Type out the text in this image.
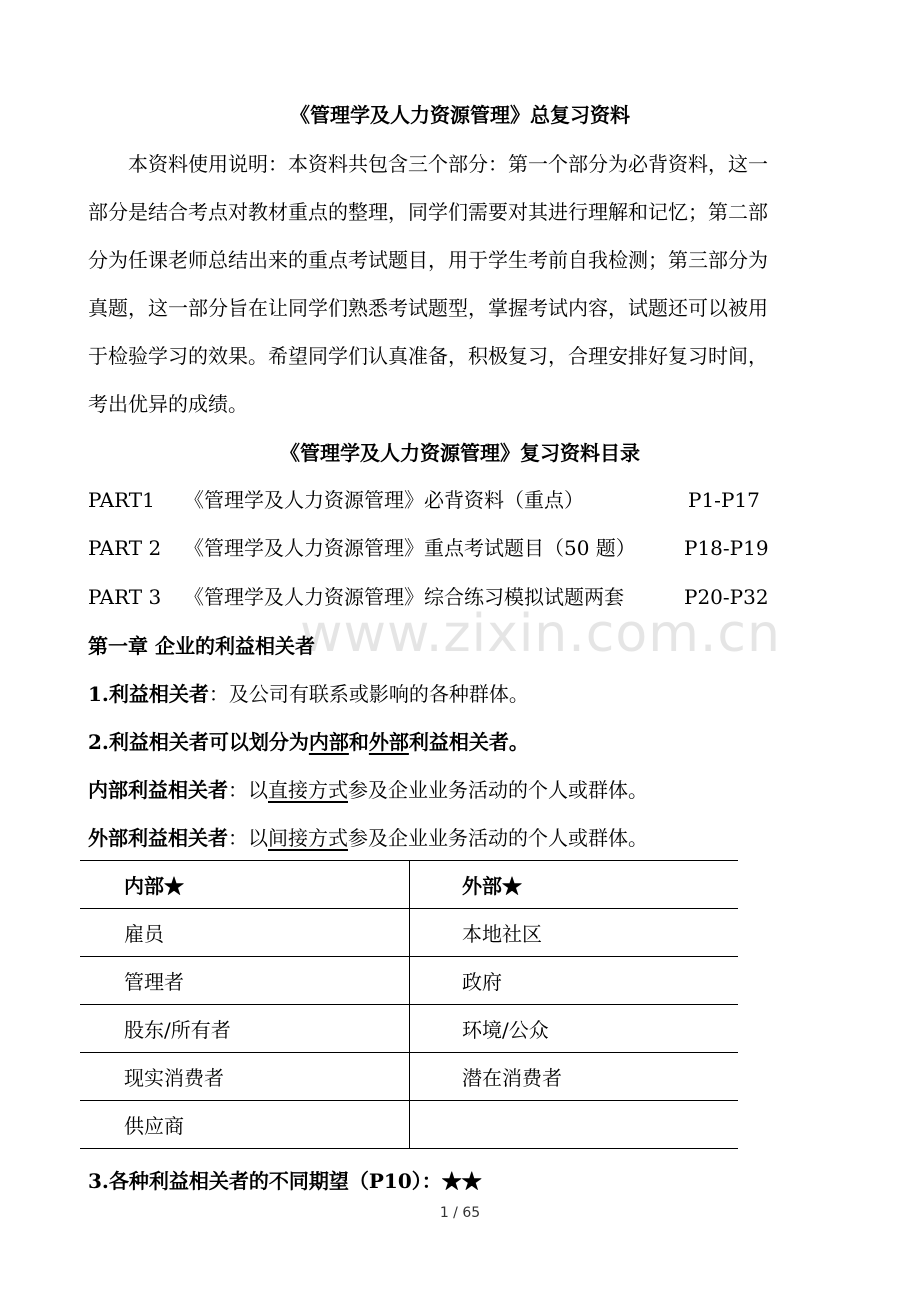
www.zixin.com.cn
《管理学及人力资源管理》总复习资料
本资料使用说明：本资料共包含三个部分：第一个部分为必背资料，这一
部分是结合考点对教材重点的整理，同学们需要对其进行理解和记忆；第二部
分为任课老师总结出来的重点考试题目，用于学生考前自我检测；第三部分为
真题，这一部分旨在让同学们熟悉考试题型，掌握考试内容，试题还可以被用
于检验学习的效果。希望同学们认真准备，积极复习，合理安排好复习时间，
考出优异的成绩。
《管理学及人力资源管理》复习资料目录
PART1 《管理学及人力资源管理》必背资料（重点）	P1-P17
PART 2 《管理学及人力资源管理》重点考试题目（50 题） P18-P19
PART 3 《管理学及人力资源管理》综合练习模拟试题两套	P20-P32
第一章 企业的利益相关者
1.利益相关者：及公司有联系或影响的各种群体。
2.利益相关者可以划分为内部和外部利益相关者。
内部利益相关者：以直接方式参及企业业务活动的个人或群体。
外部利益相关者：以间接方式参及企业业务活动的个人或群体。
内部★	外部★
雇员	本地社区
管理者	政府
股东/所有者	环境/公众
现实消费者	潜在消费者
供应商	
3.各种利益相关者的不同期望（P10）：★★
1 / 65
